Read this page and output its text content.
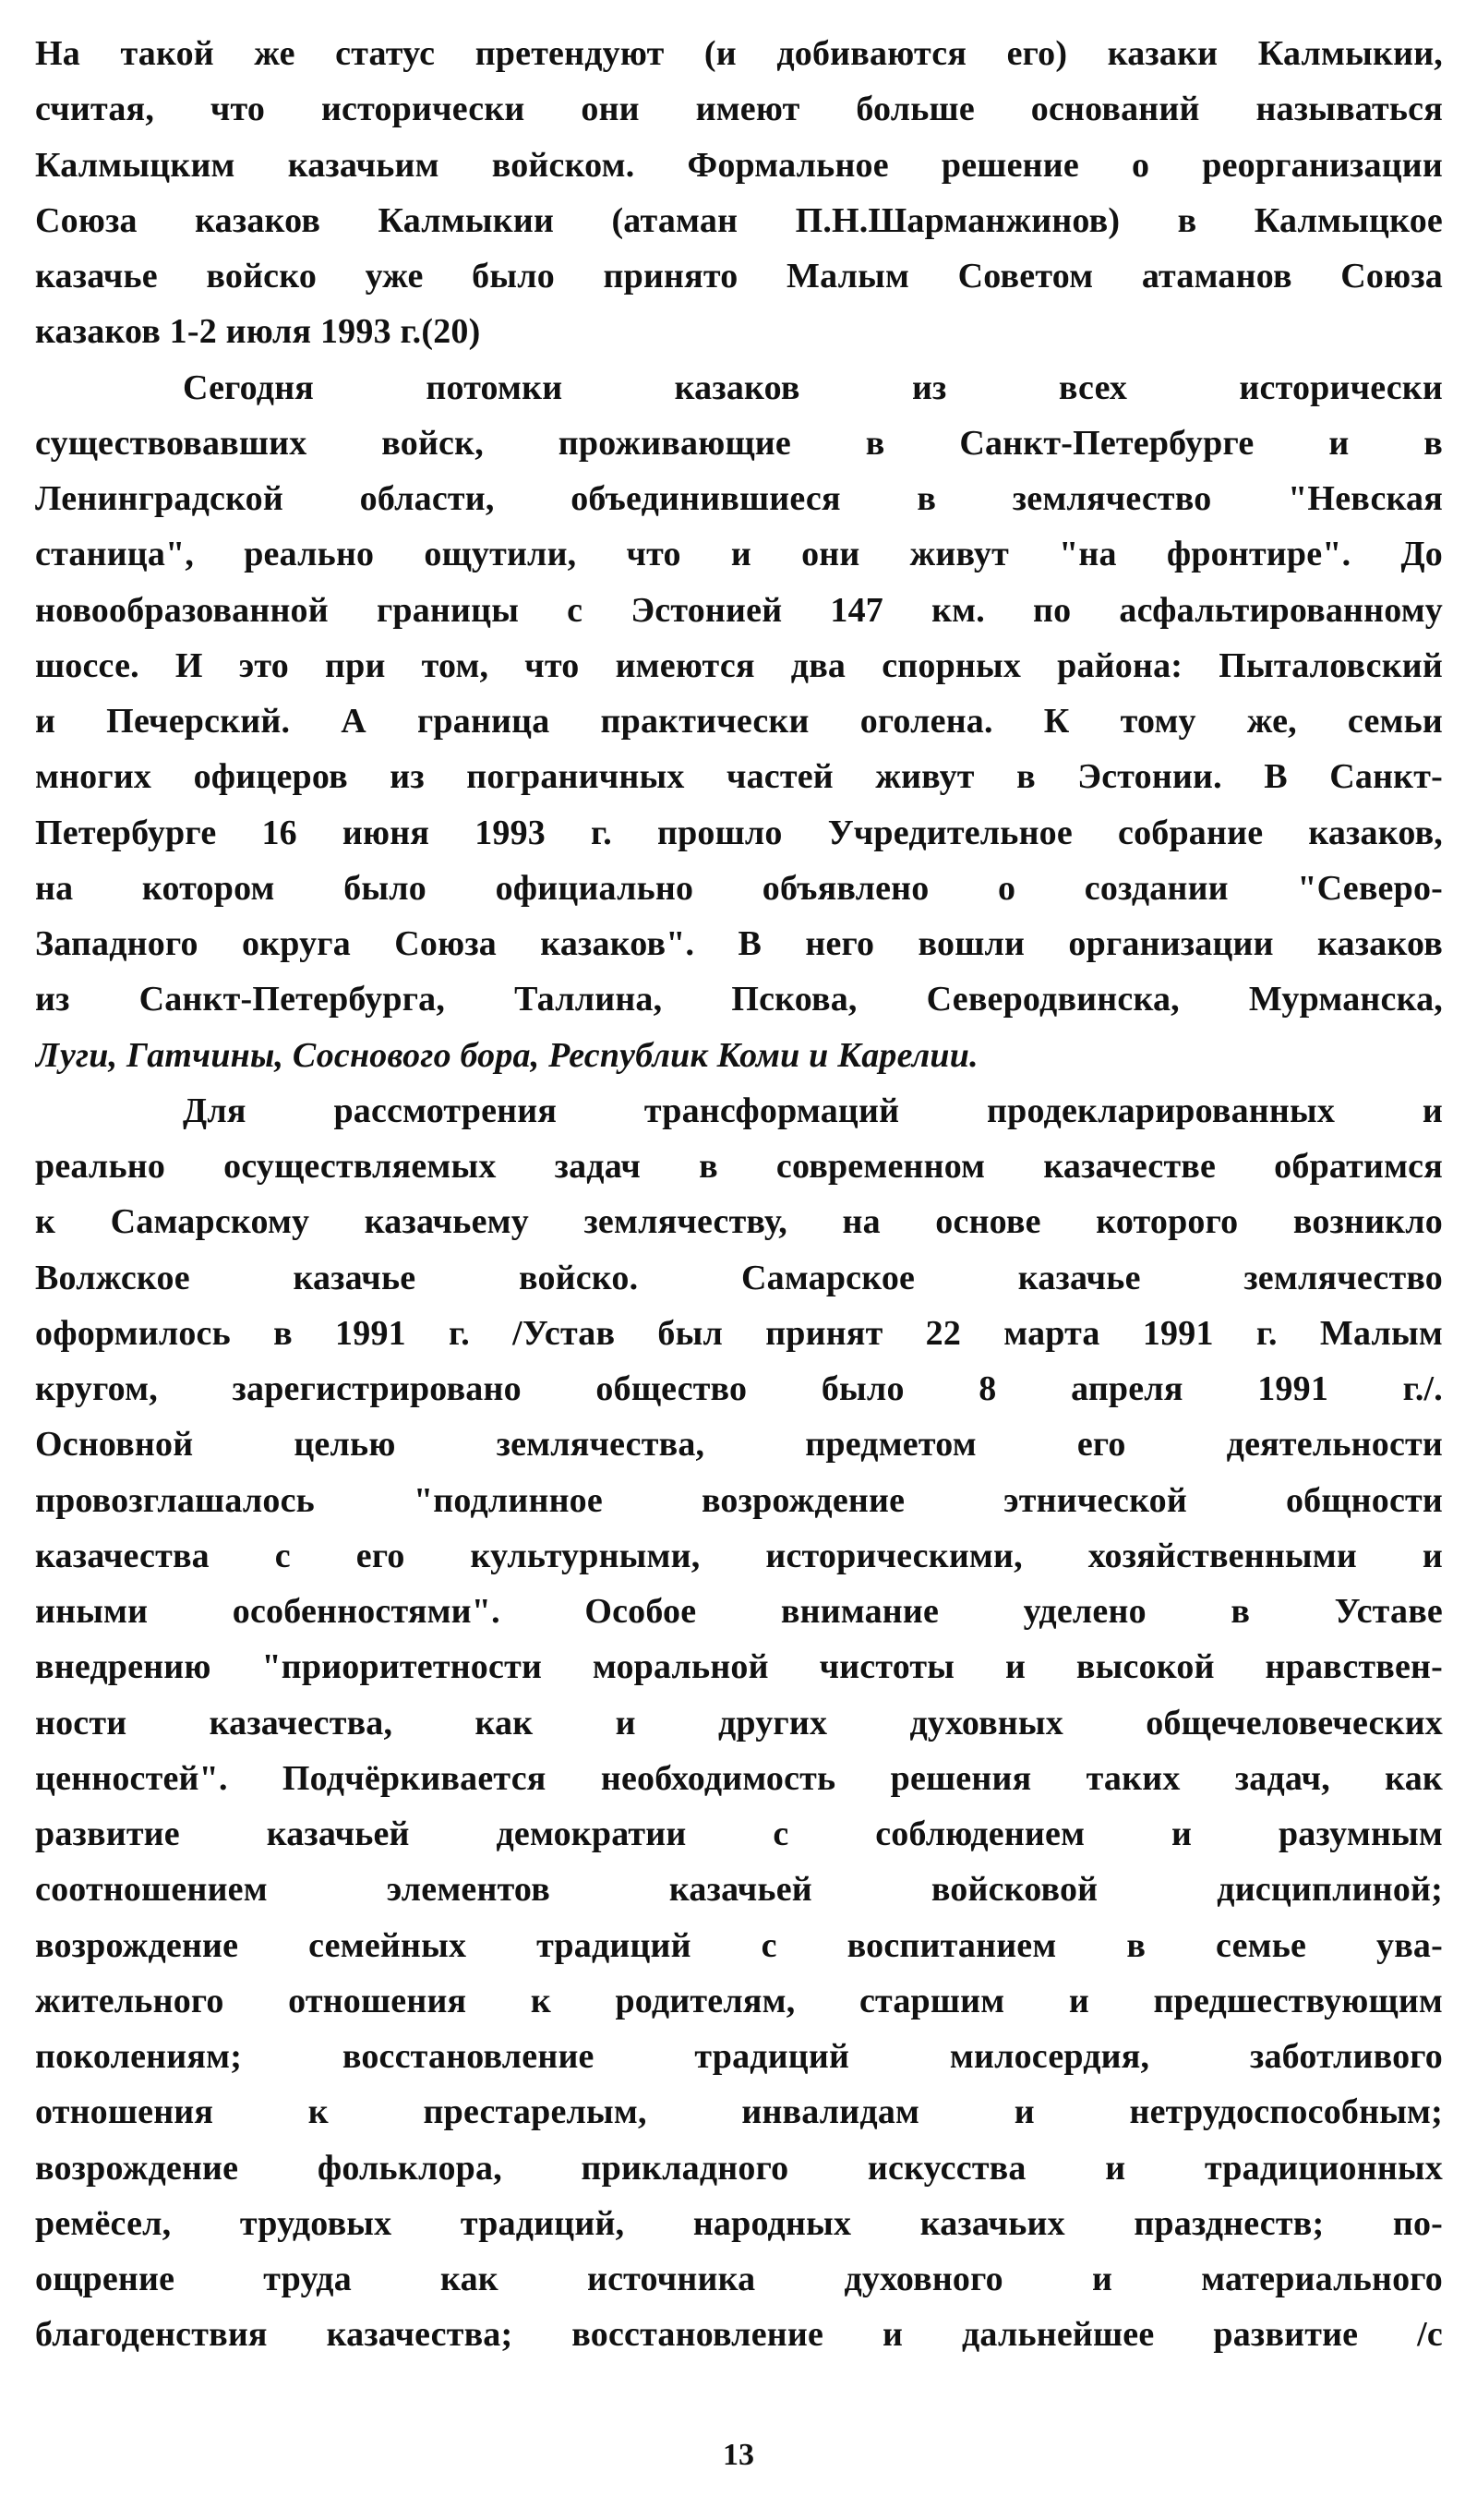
На такой же статус претендуют (и добиваются его) казаки Калмыкии,
считая, что исторически они имеют больше оснований называться
Калмыцким казачьим войском. Формальное решение о реорганизации
Союза казаков Калмыкии (атаман П.Н.Шарманжинов) в Калмыцкое
казачье войско уже было принято Малым Советом атаманов Союза
казаков 1-2 июля 1993 г.(20)
Сегодня потомки казаков из всех исторически
существовавших войск, проживающие в Санкт-Петербурге и в
Ленинградской области, объединившиеся в землячество "Невская
станица", реально ощутили, что и они живут "на фронтире". До
новообразованной границы с Эстонией 147 км. по асфальтированному
шоссе. И это при том, что имеются два спорных района: Пыталовский
и Печерский. А граница практически оголена. К тому же, семьи
многих офицеров из пограничных частей живут в Эстонии. В Санкт-
Петербурге 16 июня 1993 г. прошло Учредительное собрание казаков,
на котором было официально объявлено о создании "Северо-
Западного округа Союза казаков". В него вошли организации казаков
из Санкт-Петербурга, Таллина, Пскова, Северодвинска, Мурманска,
Луги, Гатчины, Соснового бора, Республик Коми и Карелии.
Для рассмотрения трансформаций продекларированных и
реально осуществляемых задач в современном казачестве обратимся
к Самарскому казачьему землячеству, на основе которого возникло
Волжское казачье войско. Самарское казачье землячество
оформилось в 1991 г. /Устав был принят 22 марта 1991 г. Малым
кругом, зарегистрировано общество было 8 апреля 1991 г./.
Основной целью землячества, предметом его деятельности
провозглашалось "подлинное возрождение этнической общности
казачества с его культурными, историческими, хозяйственными и
иными особенностями". Особое внимание уделено в Уставе
внедрению "приоритетности моральной чистоты и высокой нравствен-
ности казачества, как и других духовных общечеловеческих
ценностей". Подчёркивается необходимость решения таких задач, как
развитие казачьей демократии с соблюдением и разумным
соотношением элементов казачьей войсковой дисциплиной;
возрождение семейных традиций с воспитанием в семье ува-
жительного отношения к родителям, старшим и предшествующим
поколениям; восстановление традиций милосердия, заботливого
отношения к престарелым, инвалидам и нетрудоспособным;
возрождение фольклора, прикладного искусства и традиционных
ремёсел, трудовых традиций, народных казачьих празднеств; по-
ощрение труда как источника духовного и материального
благоденствия казачества; восстановление и дальнейшее развитие /с
13
